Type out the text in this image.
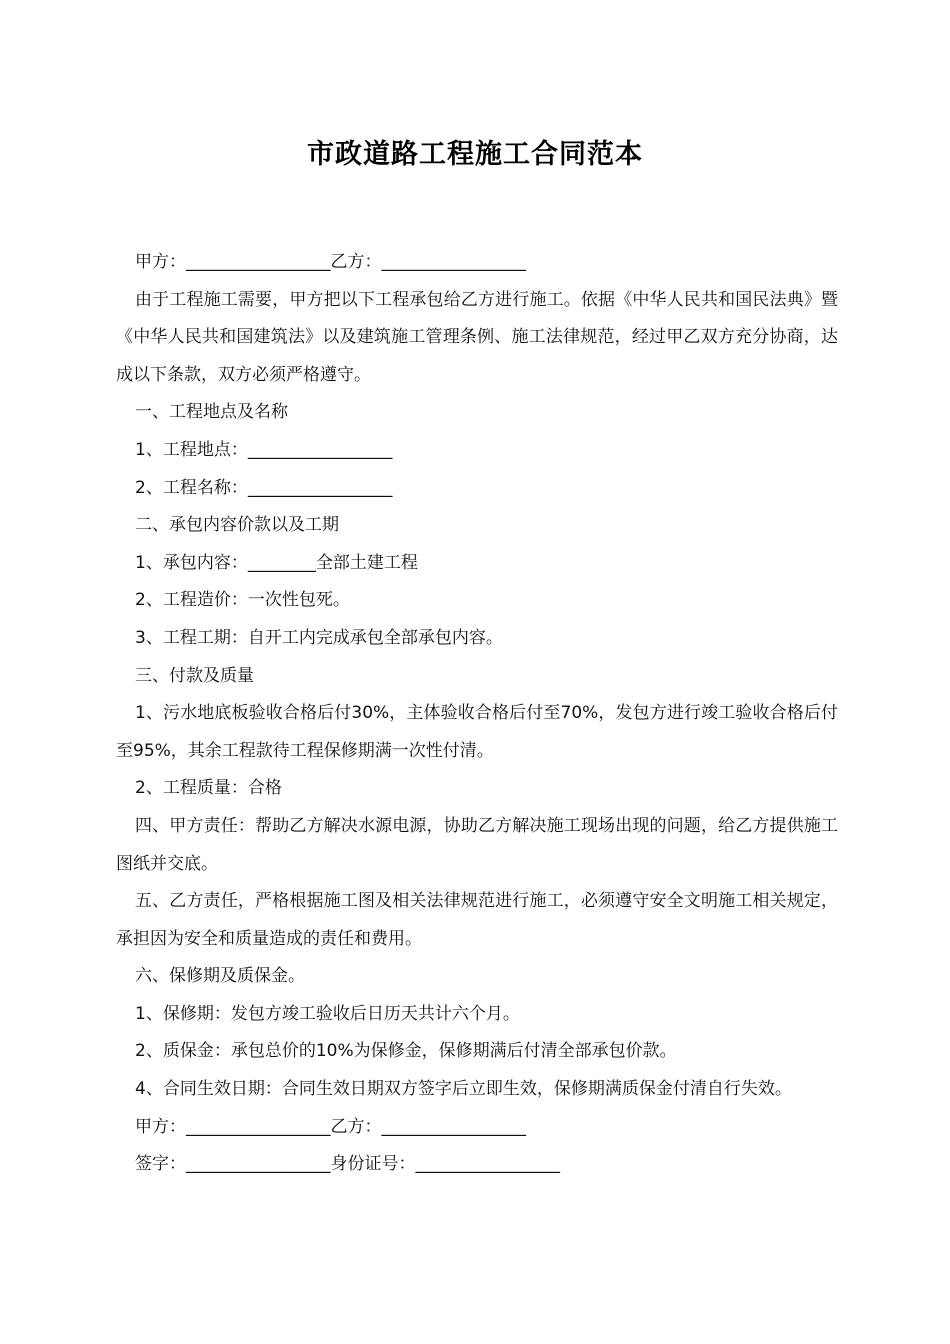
市政道路工程施工合同范本

甲方：_________________乙方：_________________

由于工程施工需要，甲方把以下工程承包给乙方进行施工。依据《中华人民共和国民法典》暨《中华人民共和国建筑法》以及建筑施工管理条例、施工法律规范，经过甲乙双方充分协商，达成以下条款，双方必须严格遵守。

一、工程地点及名称

1、工程地点：_________________

2、工程名称：_________________

二、承包内容价款以及工期

1、承包内容：________全部土建工程

2、工程造价：一次性包死。

3、工程工期：自开工内完成承包全部承包内容。

三、付款及质量

1、污水地底板验收合格后付30%，主体验收合格后付至70%，发包方进行竣工验收合格后付至95%，其余工程款待工程保修期满一次性付清。

2、工程质量：合格

四、甲方责任：帮助乙方解决水源电源，协助乙方解决施工现场出现的问题，给乙方提供施工图纸并交底。

五、乙方责任，严格根据施工图及相关法律规范进行施工，必须遵守安全文明施工相关规定，承担因为安全和质量造成的责任和费用。

六、保修期及质保金。

1、保修期：发包方竣工验收后日历天共计六个月。

2、质保金：承包总价的10%为保修金，保修期满后付清全部承包价款。

4、合同生效日期：合同生效日期双方签字后立即生效，保修期满质保金付清自行失效。

甲方：_________________乙方：_________________

签字：_________________身份证号：_________________
